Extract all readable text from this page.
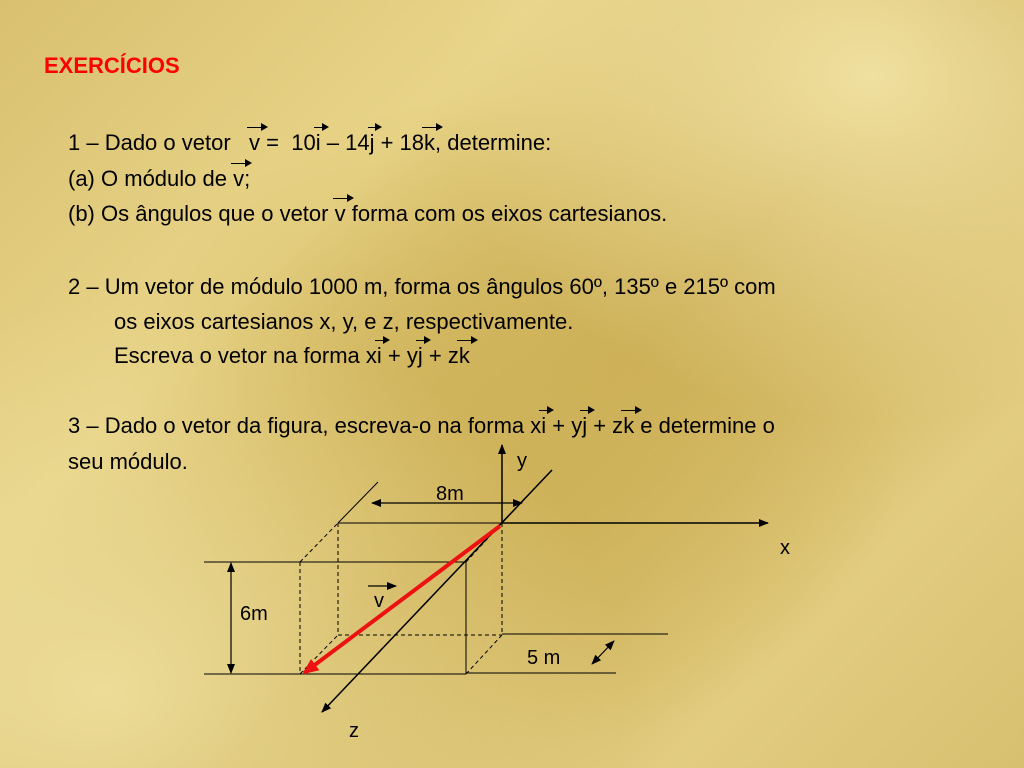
EXERCÍCIOS
1 – Dado o vetor v = 10i – 14j + 18k, determine:
(a) O módulo de v;
(b) Os ângulos que o vetor v forma com os eixos cartesianos.
2 – Um vetor de módulo 1000 m, forma os ângulos 60º, 135º e 215º com
os eixos cartesianos x, y, e z, respectivamente.
Escreva o vetor na forma xi + yj + zk
3 – Dado o vetor da figura, escreva-o na forma xi + yj + zk e determine o
seu módulo.	y
x
z
8m
6m
5 m
v
